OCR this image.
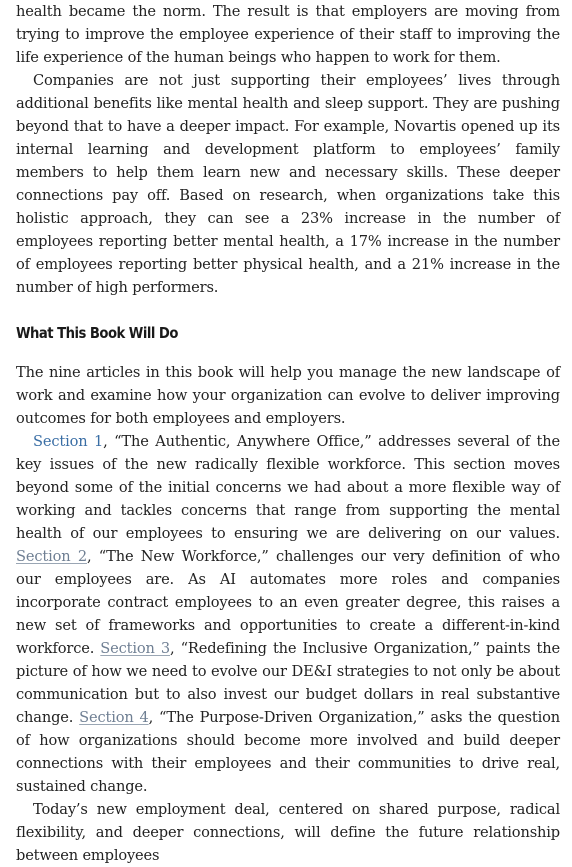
health became the norm. The result is that employers are moving from trying to improve the employee experience of their staff to improving the life experience of the human beings who happen to work for them.

Companies are not just supporting their employees’ lives through additional benefits like mental health and sleep support. They are pushing beyond that to have a deeper impact. For example, Novartis opened up its internal learning and development platform to employees’ family members to help them learn new and necessary skills. These deeper connections pay off. Based on research, when organizations take this holistic approach, they can see a 23% increase in the number of employees reporting better mental health, a 17% increase in the number of employees reporting better physical health, and a 21% increase in the number of high performers.

What This Book Will Do

The nine articles in this book will help you manage the new landscape of work and examine how your organization can evolve to deliver improving outcomes for both employees and employers.

Section 1, “The Authentic, Anywhere Office,” addresses several of the key issues of the new radically flexible workforce. This section moves beyond some of the initial concerns we had about a more flexible way of working and tackles concerns that range from supporting the mental health of our employees to ensuring we are delivering on our values. Section 2, “The New Workforce,” challenges our very definition of who our employees are. As AI automates more roles and companies incorporate contract employees to an even greater degree, this raises a new set of frameworks and opportunities to create a different-in-kind workforce. Section 3, “Redefining the Inclusive Organization,” paints the picture of how we need to evolve our DE&I strategies to not only be about communication but to also invest our budget dollars in real substantive change. Section 4, “The Purpose-Driven Organization,” asks the question of how organizations should become more involved and build deeper connections with their employees and their communities to drive real, sustained change.

Today’s new employment deal, centered on shared purpose, radical flexibility, and deeper connections, will define the future relationship between employees
